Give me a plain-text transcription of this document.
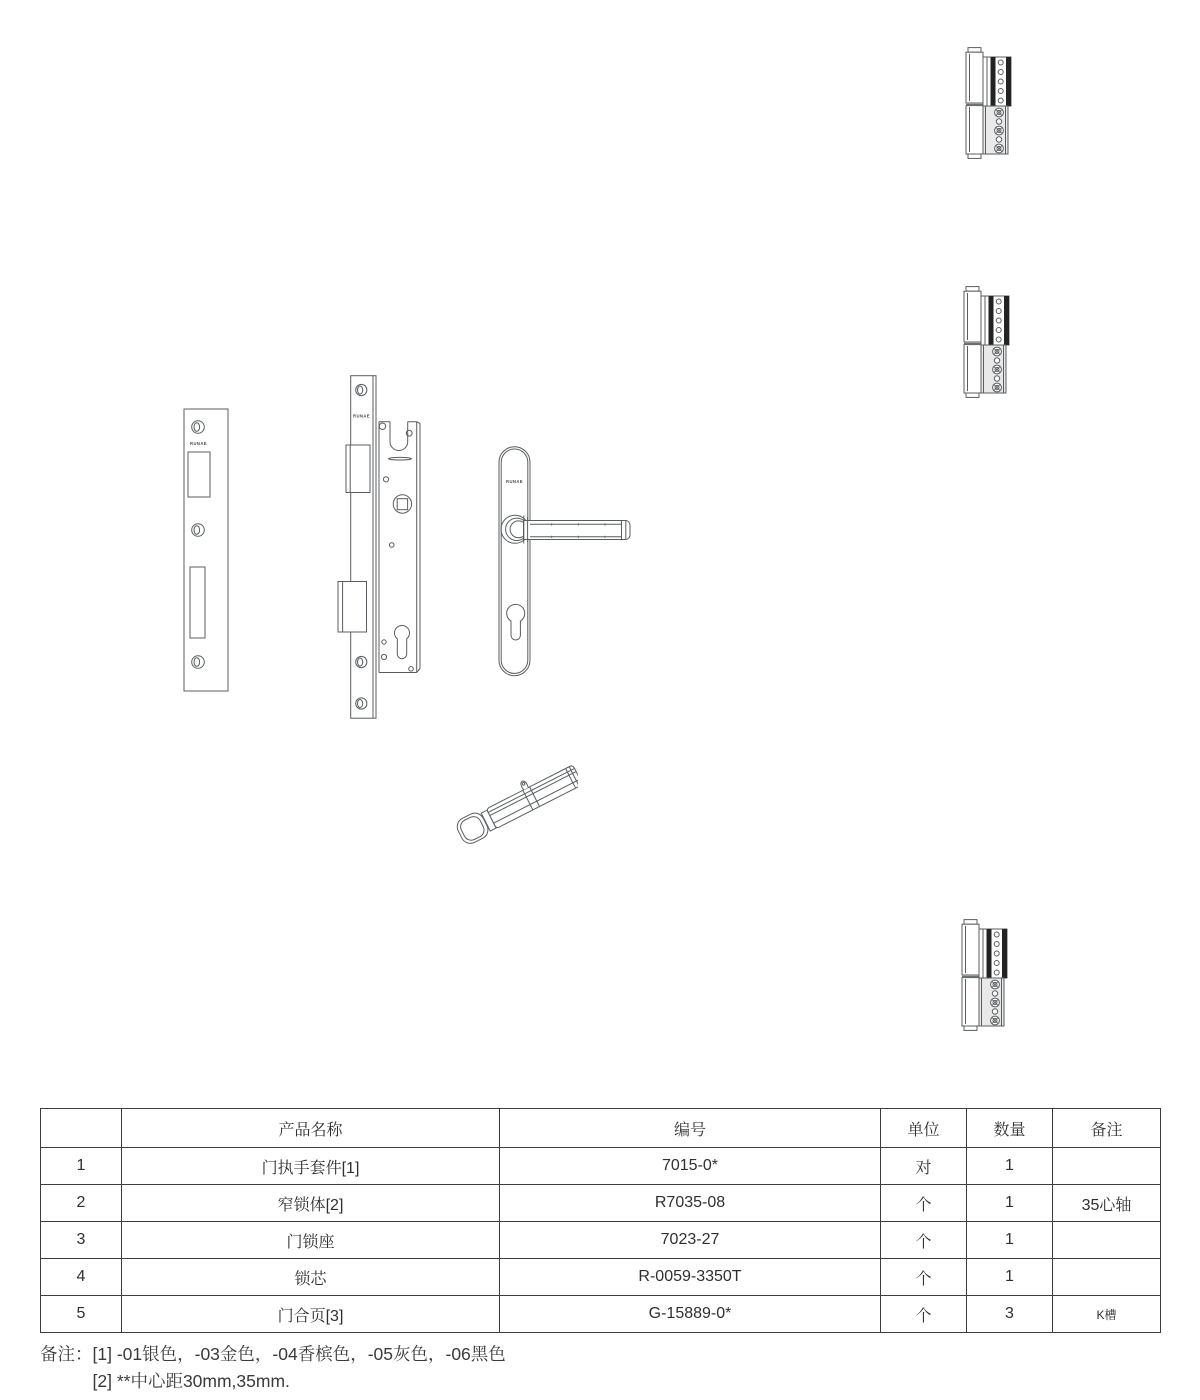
RUNAE
RUNAE
RUNAE
	产品名称	编号	单位	数量	备注
1	门执手套件[1]	7015-0*	对	1	
2	窄锁体[2]	R7035-08	个	1	35心轴
3	门锁座	7023-27	个	1	
4	锁芯	R-0059-3350T	个	1	
5	门合页[3]	G-15889-0*	个	3	K槽
备注： [1] -01银色，-03金色，-04香槟色，-05灰色，-06黑色
[2] **中心距30mm,35mm.
